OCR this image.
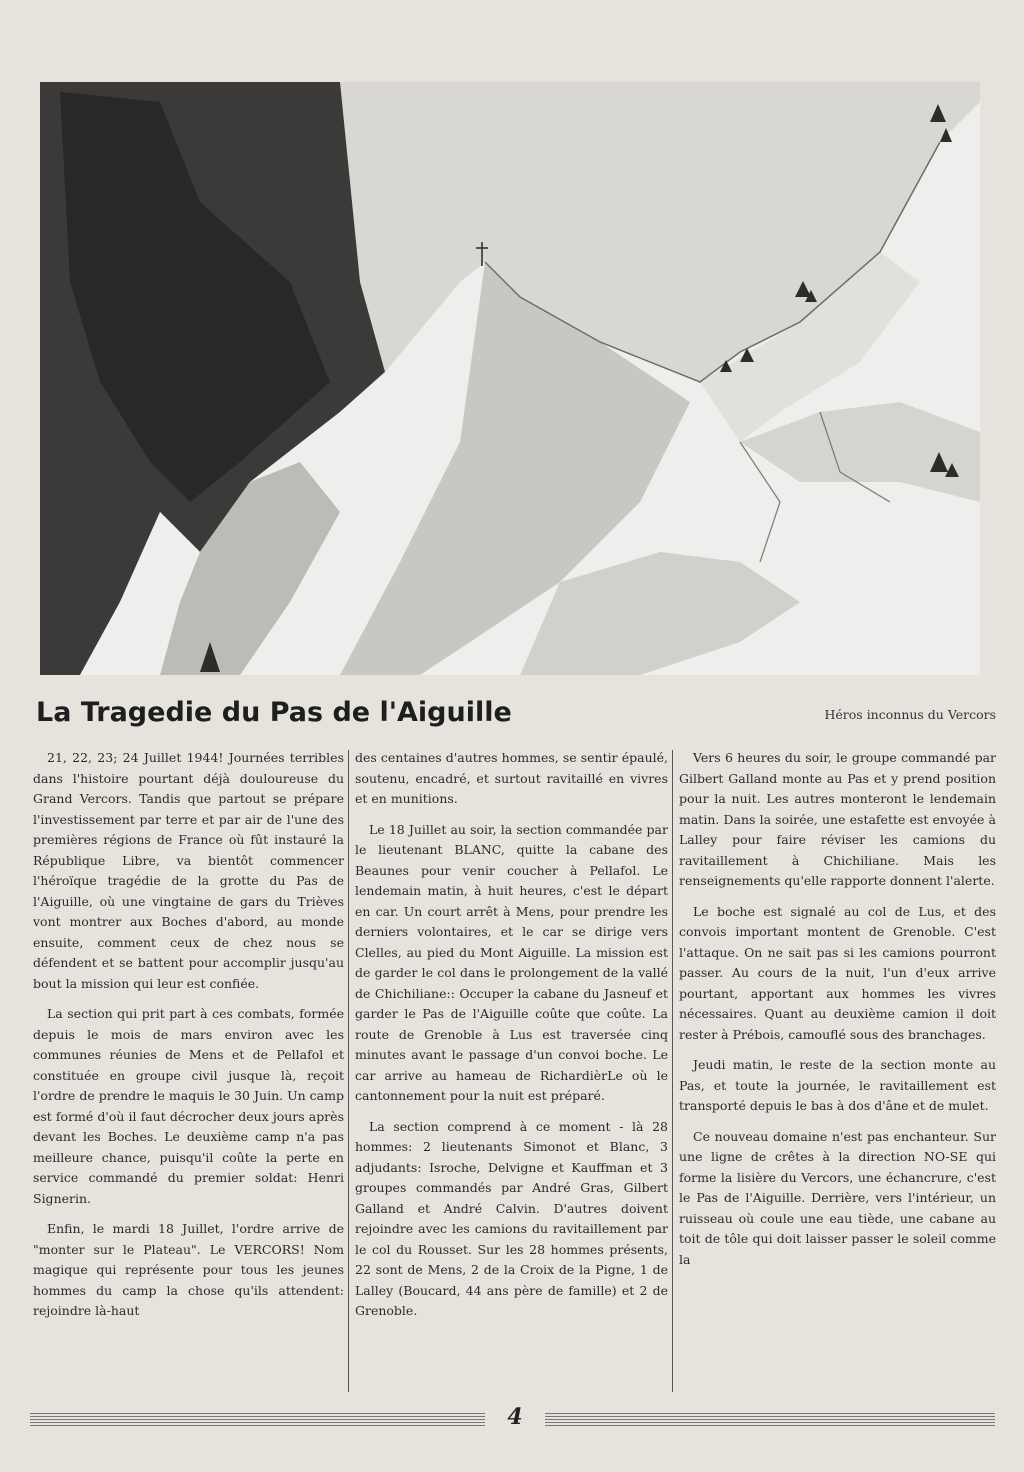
La Tragedie du Pas de l'Aiguille	Héros inconnus du Vercors

21, 22, 23; 24 Juillet 1944! Journées terribles dans l'histoire pourtant déjà douloureuse du Grand Vercors. Tandis que partout se prépare l'investissement par terre et par air de l'une des premières régions de France où fût instauré la République Libre, va bientôt commencer l'héroïque tragédie de la grotte du Pas de l'Aiguille, où une vingtaine de gars du Trièves vont montrer aux Boches d'abord, au monde ensuite, comment ceux de chez nous se défendent et se battent pour accomplir jusqu'au bout la mission qui leur est confiée.

La section qui prit part à ces combats, formée depuis le mois de mars environ avec les communes réunies de Mens et de Pellafol et constituée en groupe civil jusque là, reçoit l'ordre de prendre le maquis le 30 Juin. Un camp est formé d'où il faut décrocher deux jours après devant les Boches. Le deuxième camp n'a pas meilleure chance, puisqu'il coûte la perte en service commandé du premier soldat: Henri Signerin.

Enfin, le mardi 18 Juillet, l'ordre arrive de "monter sur le Plateau". Le VERCORS! Nom magique qui représente pour tous les jeunes hommes du camp la chose qu'ils attendent: rejoindre là-haut

des centaines d'autres hommes, se sentir épaulé, soutenu, encadré, et surtout ravitaillé en vivres et en munitions.

Le 18 Juillet au soir, la section commandée par le lieutenant BLANC, quitte la cabane des Beaunes pour venir coucher à Pellafol. Le lendemain matin, à huit heures, c'est le départ en car. Un court arrêt à Mens, pour prendre les derniers volontaires, et le car se dirige vers Clelles, au pied du Mont Aiguille. La mission est de garder le col dans le prolongement de la vallé de Chichiliane:: Occuper la cabane du Jasneuf et garder le Pas de l'Aiguille coûte que coûte. La route de Grenoble à Lus est traversée cinq minutes avant le passage d'un convoi boche. Le car arrive au hameau de RichardièrLe où le cantonnement pour la nuit est préparé.

La section comprend à ce moment - là 28 hommes: 2 lieutenants Simonot et Blanc, 3 adjudants: Isroche, Delvigne et Kauffman et 3 groupes commandés par André Gras, Gilbert Galland et André Calvin. D'autres doivent rejoindre avec les camions du ravitaillement par le col du Rousset. Sur les 28 hommes présents, 22 sont de Mens, 2 de la Croix de la Pigne, 1 de Lalley (Boucard, 44 ans père de famille) et 2 de Grenoble.

Vers 6 heures du soir, le groupe commandé par Gilbert Galland monte au Pas et y prend position pour la nuit. Les autres monteront le lendemain matin. Dans la soirée, une estafette est envoyée à Lalley pour faire réviser les camions du ravitaillement à Chichiliane. Mais les renseignements qu'elle rapporte donnent l'alerte.

Le boche est signalé au col de Lus, et des convois important montent de Grenoble. C'est l'attaque. On ne sait pas si les camions pourront passer. Au cours de la nuit, l'un d'eux arrive pourtant, apportant aux hommes les vivres nécessaires. Quant au deuxième camion il doit rester à Prébois, camouflé sous des branchages.

Jeudi matin, le reste de la section monte au Pas, et toute la journée, le ravitaillement est transporté depuis le bas à dos d'âne et de mulet.

Ce nouveau domaine n'est pas enchanteur. Sur une ligne de crêtes à la direction NO-SE qui forme la lisière du Vercors, une échancrure, c'est le Pas de l'Aiguille. Derrière, vers l'intérieur, un ruisseau où coule une eau tiède, une cabane au toit de tôle qui doit laisser passer le soleil comme la

4
